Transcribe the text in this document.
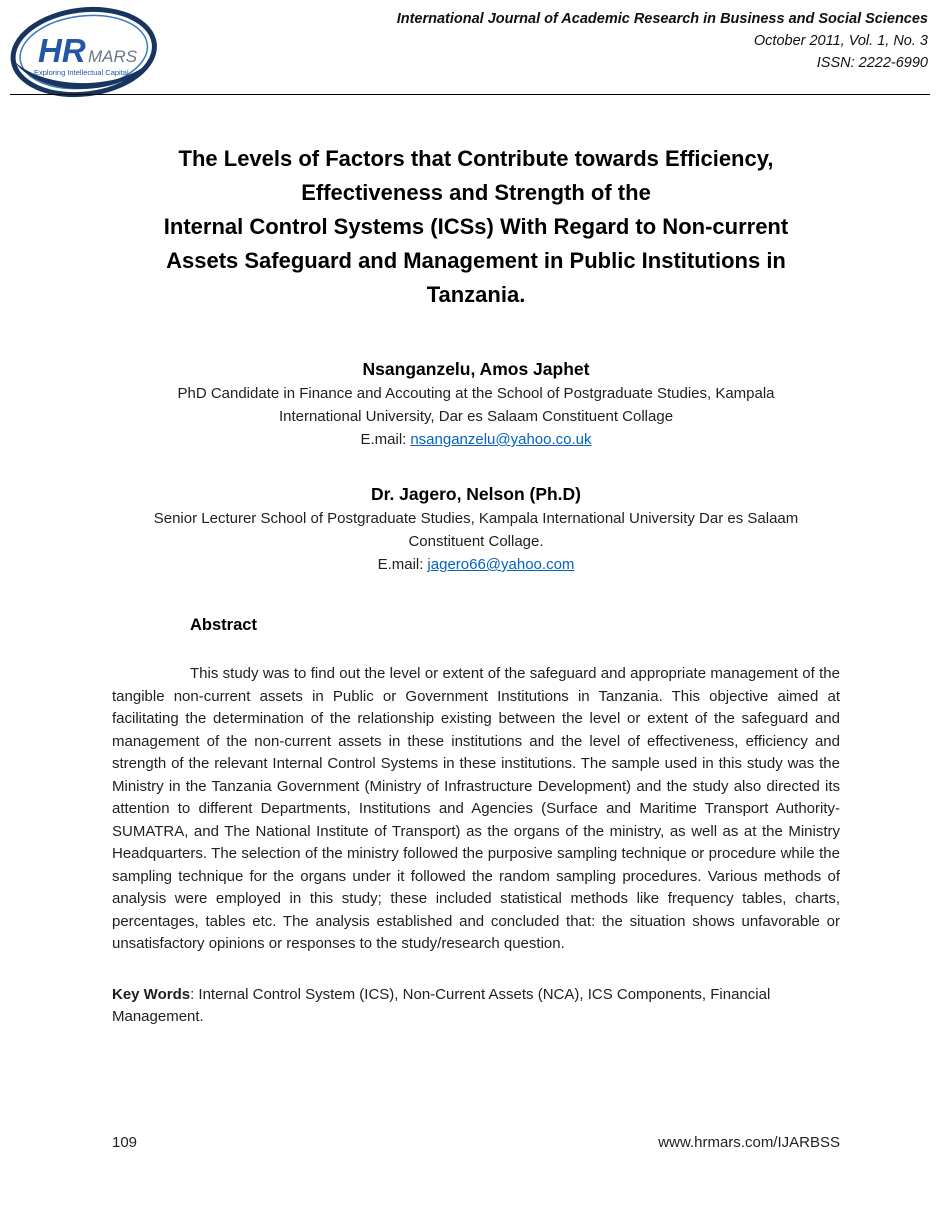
HR MARS
Exploring Intellectual Capital
International Journal of Academic Research in Business and Social Sciences
October 2011, Vol. 1, No. 3
ISSN: 2222-6990
The Levels of Factors that Contribute towards Efficiency,
Effectiveness and Strength of the
Internal Control Systems (ICSs) With Regard to Non-current
Assets Safeguard and Management in Public Institutions in
Tanzania.
Nsanganzelu, Amos Japhet
PhD Candidate in Finance and Accouting at the School of Postgraduate Studies, Kampala
International University, Dar es Salaam Constituent Collage
E.mail: nsanganzelu@yahoo.co.uk
Dr. Jagero, Nelson (Ph.D)
Senior Lecturer School of Postgraduate Studies, Kampala International University Dar es Salaam
Constituent Collage.
E.mail: jagero66@yahoo.com
Abstract

This study was to find out the level or extent of the safeguard and appropriate management of the tangible non-current assets in Public or Government Institutions in Tanzania. This objective aimed at facilitating the determination of the relationship existing between the level or extent of the safeguard and management of the non-current assets in these institutions and the level of effectiveness, efficiency and strength of the relevant Internal Control Systems in these institutions. The sample used in this study was the Ministry in the Tanzania Government (Ministry of Infrastructure Development) and the study also directed its attention to different Departments, Institutions and Agencies (Surface and Maritime Transport Authority-SUMATRA, and The National Institute of Transport) as the organs of the ministry, as well as at the Ministry Headquarters. The selection of the ministry followed the purposive sampling technique or procedure while the sampling technique for the organs under it followed the random sampling procedures. Various methods of analysis were employed in this study; these included statistical methods like frequency tables, charts, percentages, tables etc. The analysis established and concluded that: the situation shows unfavorable or unsatisfactory opinions or responses to the study/research question.

Key Words: Internal Control System (ICS), Non-Current Assets (NCA), ICS Components, Financial Management.

109	www.hrmars.com/IJARBSS
